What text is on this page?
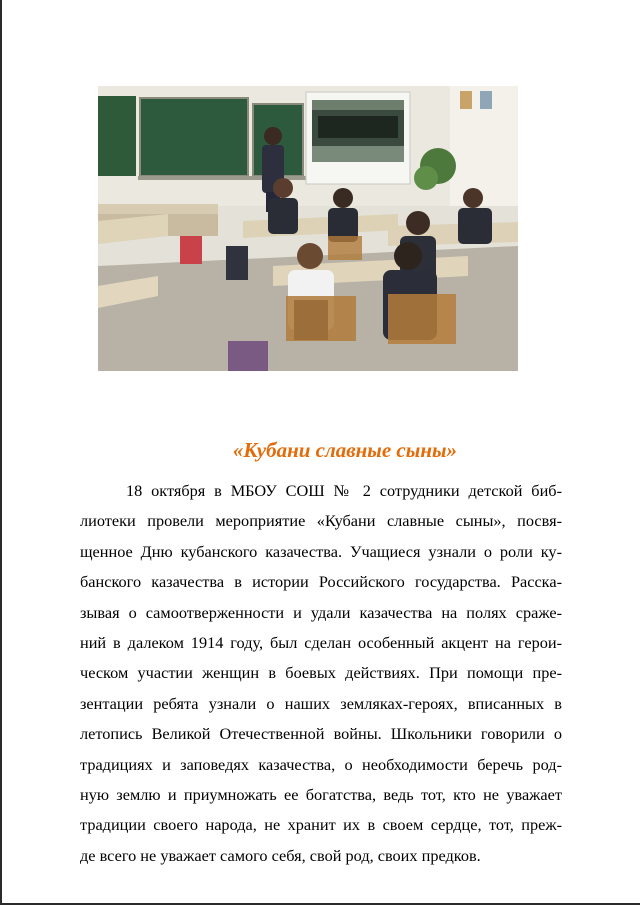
«Кубани славные сыны»
18 октября в МБОУ СОШ № 2 сотрудники детской биб-
лиотеки провели мероприятие «Кубани славные сыны», посвя-
щенное Дню кубанского казачества. Учащиеся узнали о роли ку-
банского казачества в истории Российского государства. Расска-
зывая о самоотверженности и удали казачества на полях сраже-
ний в далеком 1914 году, был сделан особенный акцент на герои-
ческом участии женщин в боевых действиях. При помощи пре-
зентации ребята узнали о наших земляках-героях, вписанных в
летопись Великой Отечественной войны. Школьники говорили о
традициях и заповедях казачества, о необходимости беречь род-
ную землю и приумножать ее богатства, ведь тот, кто не уважает
традиции своего народа, не хранит их в своем сердце, тот, преж-
де всего не уважает самого себя, свой род, своих предков.
